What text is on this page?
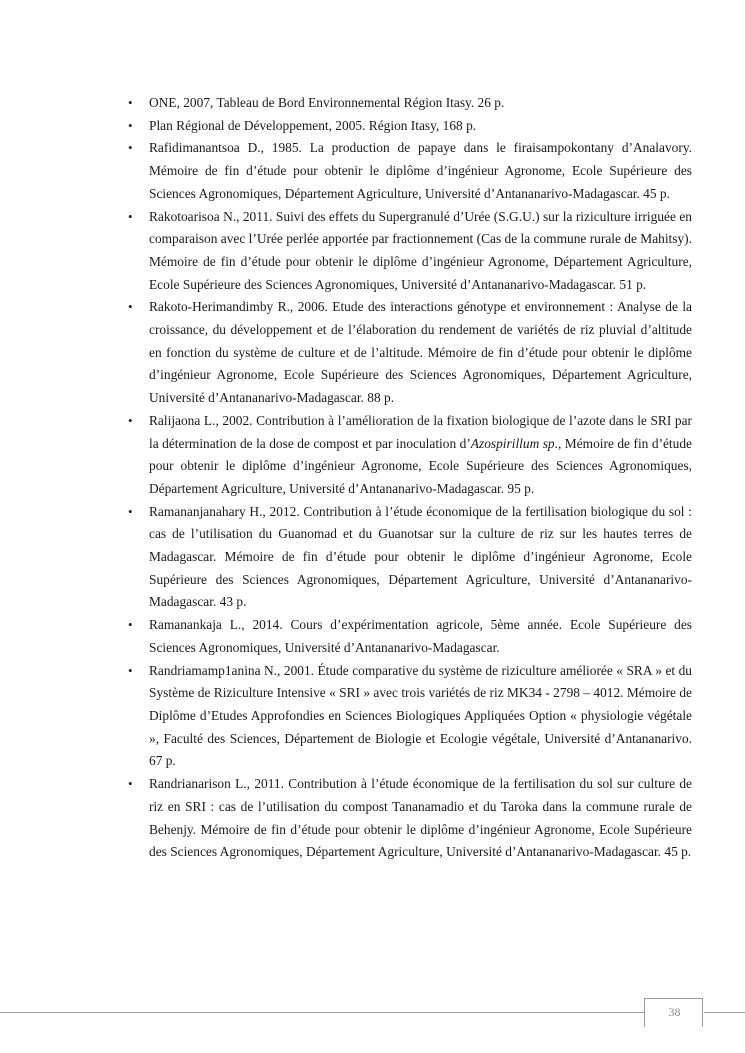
• ONE, 2007, Tableau de Bord Environnemental Région Itasy. 26 p.
• Plan Régional de Développement, 2005. Région Itasy, 168 p.
• Rafidimanantsoa D., 1985. La production de papaye dans le firaisampokontany d’Analavory. Mémoire de fin d’étude pour obtenir le diplôme d’ingénieur Agronome, Ecole Supérieure des Sciences Agronomiques, Département Agriculture, Université d’Antananarivo-Madagascar. 45 p.
• Rakotoarisoa N., 2011. Suivi des effets du Supergranulé d’Urée (S.G.U.) sur la riziculture irriguée en comparaison avec l’Urée perlée apportée par fractionnement (Cas de la commune rurale de Mahitsy). Mémoire de fin d’étude pour obtenir le diplôme d’ingénieur Agronome, Département Agriculture, Ecole Supérieure des Sciences Agronomiques, Université d’Antananarivo-Madagascar. 51 p.
• Rakoto-Herimandimby R., 2006. Etude des interactions génotype et environnement : Analyse de la croissance, du développement et de l’élaboration du rendement de variétés de riz pluvial d’altitude en fonction du système de culture et de l’altitude. Mémoire de fin d’étude pour obtenir le diplôme d’ingénieur Agronome, Ecole Supérieure des Sciences Agronomiques, Département Agriculture, Université d’Antananarivo-Madagascar. 88 p.
• Ralijaona L., 2002. Contribution à l’amélioration de la fixation biologique de l’azote dans le SRI par la détermination de la dose de compost et par inoculation d’Azospirillum sp., Mémoire de fin d’étude pour obtenir le diplôme d’ingénieur Agronome, Ecole Supérieure des Sciences Agronomiques, Département Agriculture, Université d’Antananarivo-Madagascar. 95 p.
• Ramananjanahary H., 2012. Contribution à l’étude économique de la fertilisation biologique du sol : cas de l’utilisation du Guanomad et du Guanotsar sur la culture de riz sur les hautes terres de Madagascar. Mémoire de fin d’étude pour obtenir le diplôme d’ingénieur Agronome, Ecole Supérieure des Sciences Agronomiques, Département Agriculture, Université d’Antananarivo-Madagascar. 43 p.
• Ramanankaja L., 2014. Cours d’expérimentation agricole, 5ème année. Ecole Supérieure des Sciences Agronomiques, Université d’Antananarivo-Madagascar.
• Randriamamp1anina N., 2001. Étude comparative du système de riziculture améliorée « SRA » et du Système de Riziculture Intensive « SRI » avec trois variétés de riz MK34 - 2798 – 4012. Mémoire de Diplôme d’Etudes Approfondies en Sciences Biologiques Appliquées Option « physiologie végétale », Faculté des Sciences, Département de Biologie et Ecologie végétale, Université d’Antananarivo. 67 p.
• Randrianarison L., 2011. Contribution à l’étude économique de la fertilisation du sol sur culture de riz en SRI : cas de l’utilisation du compost Tananamadio et du Taroka dans la commune rurale de Behenjy. Mémoire de fin d’étude pour obtenir le diplôme d’ingénieur Agronome, Ecole Supérieure des Sciences Agronomiques, Département Agriculture, Université d’Antananarivo-Madagascar. 45 p.
38
